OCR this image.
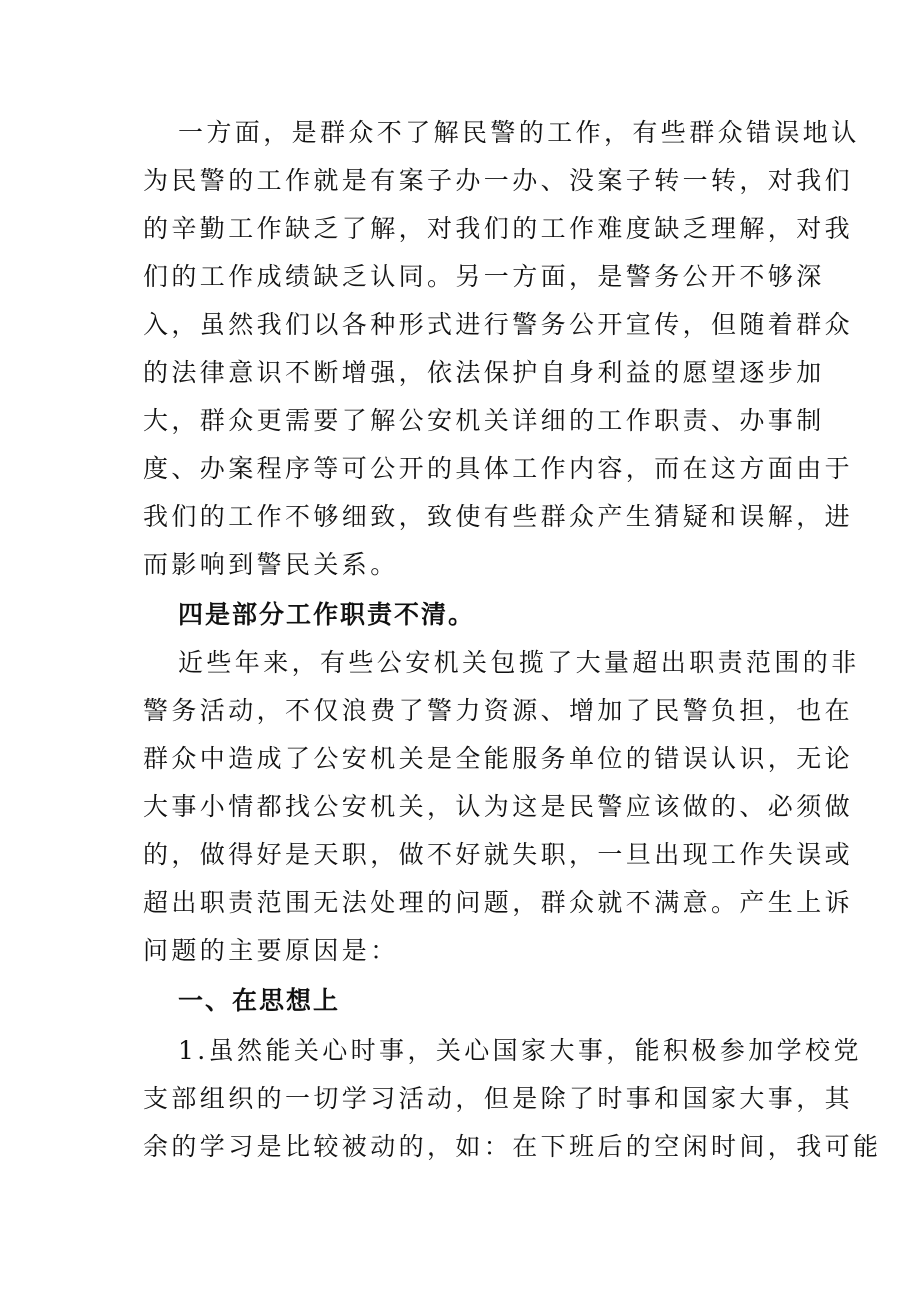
一方面，是群众不了解民警的工作，有些群众错误地认
为民警的工作就是有案子办一办、没案子转一转，对我们
的辛勤工作缺乏了解，对我们的工作难度缺乏理解，对我
们的工作成绩缺乏认同。另一方面，是警务公开不够深
入，虽然我们以各种形式进行警务公开宣传，但随着群众
的法律意识不断增强，依法保护自身利益的愿望逐步加
大，群众更需要了解公安机关详细的工作职责、办事制
度、办案程序等可公开的具体工作内容，而在这方面由于
我们的工作不够细致，致使有些群众产生猜疑和误解，进
而影响到警民关系。
四是部分工作职责不清。
近些年来，有些公安机关包揽了大量超出职责范围的非
警务活动，不仅浪费了警力资源、增加了民警负担，也在
群众中造成了公安机关是全能服务单位的错误认识，无论
大事小情都找公安机关，认为这是民警应该做的、必须做
的，做得好是天职，做不好就失职，一旦出现工作失误或
超出职责范围无法处理的问题，群众就不满意。产生上诉
问题的主要原因是：
一、在思想上
1.虽然能关心时事，关心国家大事，能积极参加学校党
支部组织的一切学习活动，但是除了时事和国家大事，其
余的学习是比较被动的，如：在下班后的空闲时间，我可能
